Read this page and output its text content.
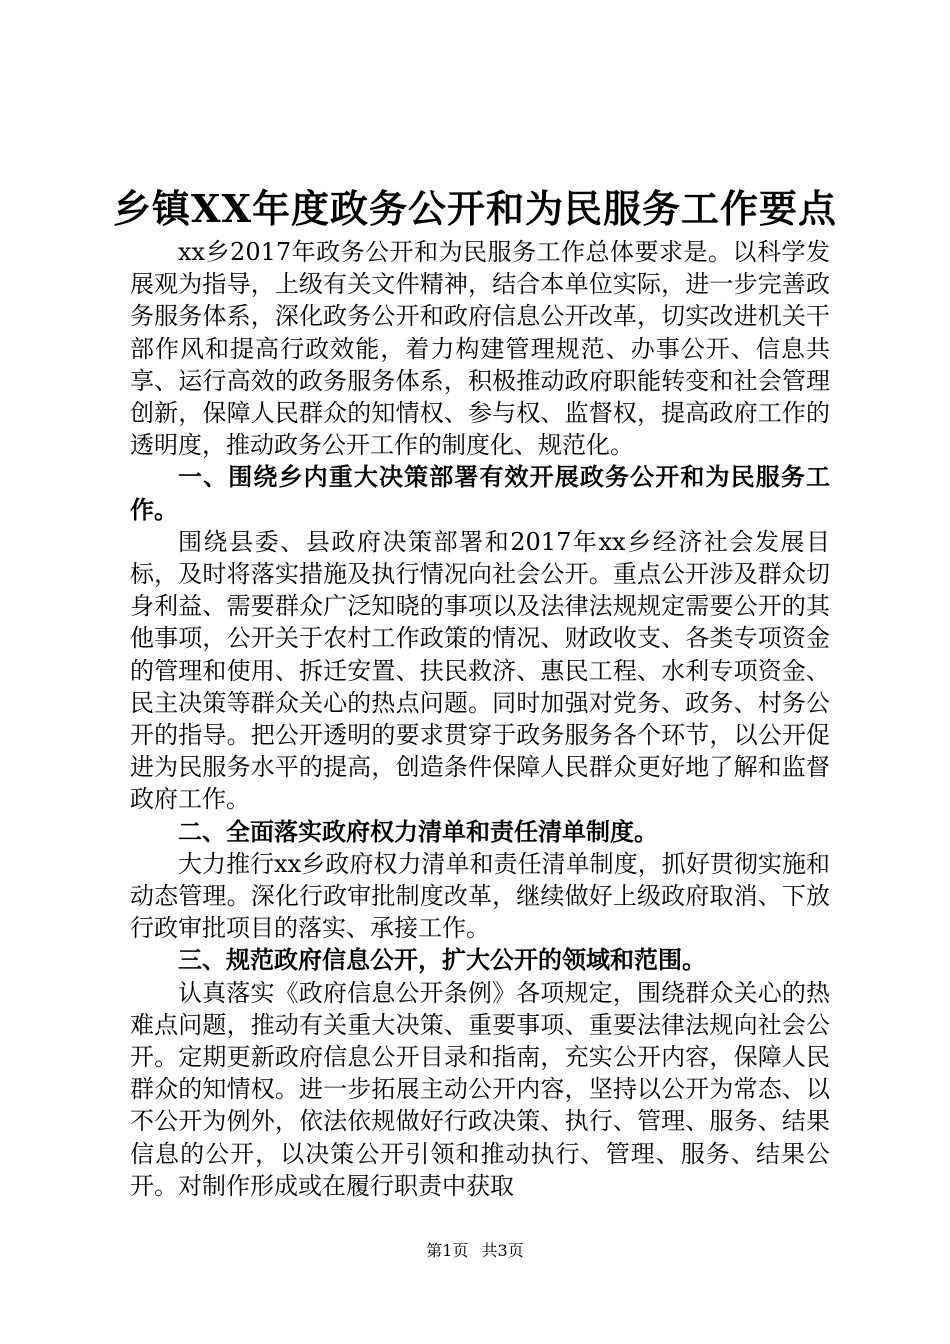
乡镇XX年度政务公开和为民服务工作要点

xx乡2017年政务公开和为民服务工作总体要求是。以科学发展观为指导，上级有关文件精神，结合本单位实际，进一步完善政务服务体系，深化政务公开和政府信息公开改革，切实改进机关干部作风和提高行政效能，着力构建管理规范、办事公开、信息共享、运行高效的政务服务体系，积极推动政府职能转变和社会管理创新，保障人民群众的知情权、参与权、监督权，提高政府工作的透明度，推动政务公开工作的制度化、规范化。

一、围绕乡内重大决策部署有效开展政务公开和为民服务工作。

围绕县委、县政府决策部署和2017年xx乡经济社会发展目标，及时将落实措施及执行情况向社会公开。重点公开涉及群众切身利益、需要群众广泛知晓的事项以及法律法规规定需要公开的其他事项，公开关于农村工作政策的情况、财政收支、各类专项资金的管理和使用、拆迁安置、扶民救济、惠民工程、水利专项资金、民主决策等群众关心的热点问题。同时加强对党务、政务、村务公开的指导。把公开透明的要求贯穿于政务服务各个环节，以公开促进为民服务水平的提高，创造条件保障人民群众更好地了解和监督政府工作。

二、全面落实政府权力清单和责任清单制度。

大力推行xx乡政府权力清单和责任清单制度，抓好贯彻实施和动态管理。深化行政审批制度改革，继续做好上级政府取消、下放行政审批项目的落实、承接工作。

三、规范政府信息公开，扩大公开的领域和范围。

认真落实《政府信息公开条例》各项规定，围绕群众关心的热难点问题，推动有关重大决策、重要事项、重要法律法规向社会公开。定期更新政府信息公开目录和指南，充实公开内容，保障人民群众的知情权。进一步拓展主动公开内容，坚持以公开为常态、以不公开为例外，依法依规做好行政决策、执行、管理、服务、结果信息的公开，以决策公开引领和推动执行、管理、服务、结果公开。对制作形成或在履行职责中获取

第1页 共3页
